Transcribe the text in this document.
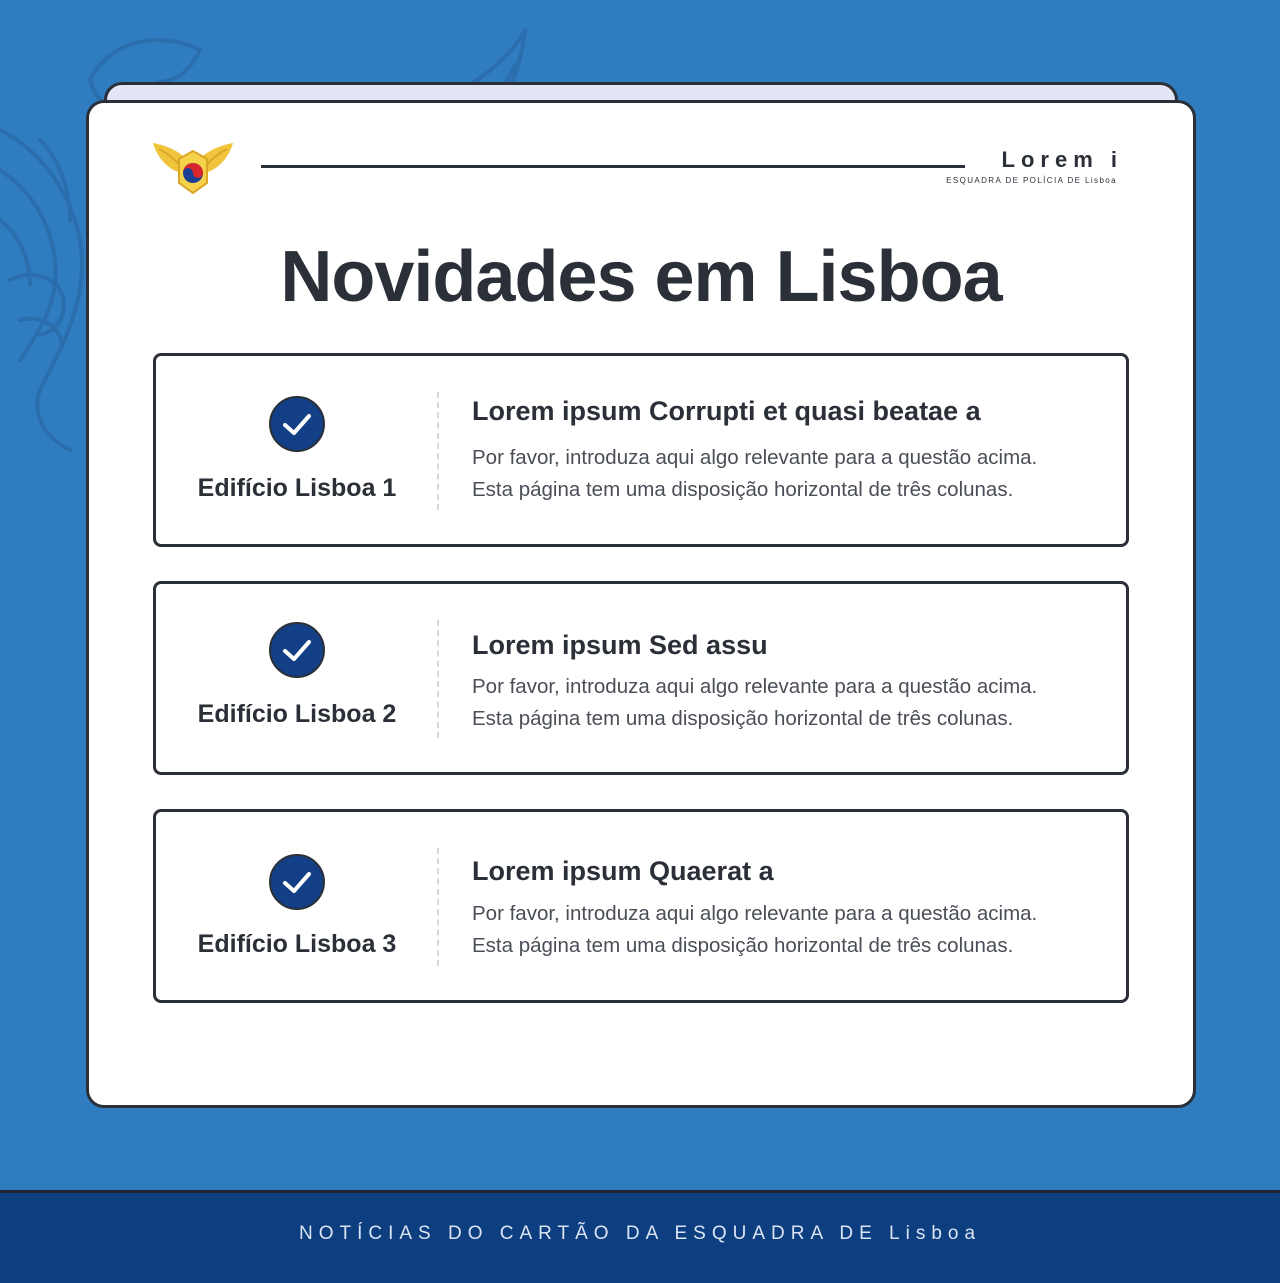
Lorem i
ESQUADRA DE POLÍCIA DE Lisboa
Novidades em Lisboa
Edifício Lisboa 1
Lorem ipsum Corrupti et quasi beatae a
Por favor, introduza aqui algo relevante para a questão acima.
Esta página tem uma disposição horizontal de três colunas.
Edifício Lisboa 2
Lorem ipsum Sed assu
Por favor, introduza aqui algo relevante para a questão acima.
Esta página tem uma disposição horizontal de três colunas.
Edifício Lisboa 3
Lorem ipsum Quaerat a
Por favor, introduza aqui algo relevante para a questão acima.
Esta página tem uma disposição horizontal de três colunas.
NOTÍCIAS DO CARTÃO DA ESQUADRA DE Lisboa
